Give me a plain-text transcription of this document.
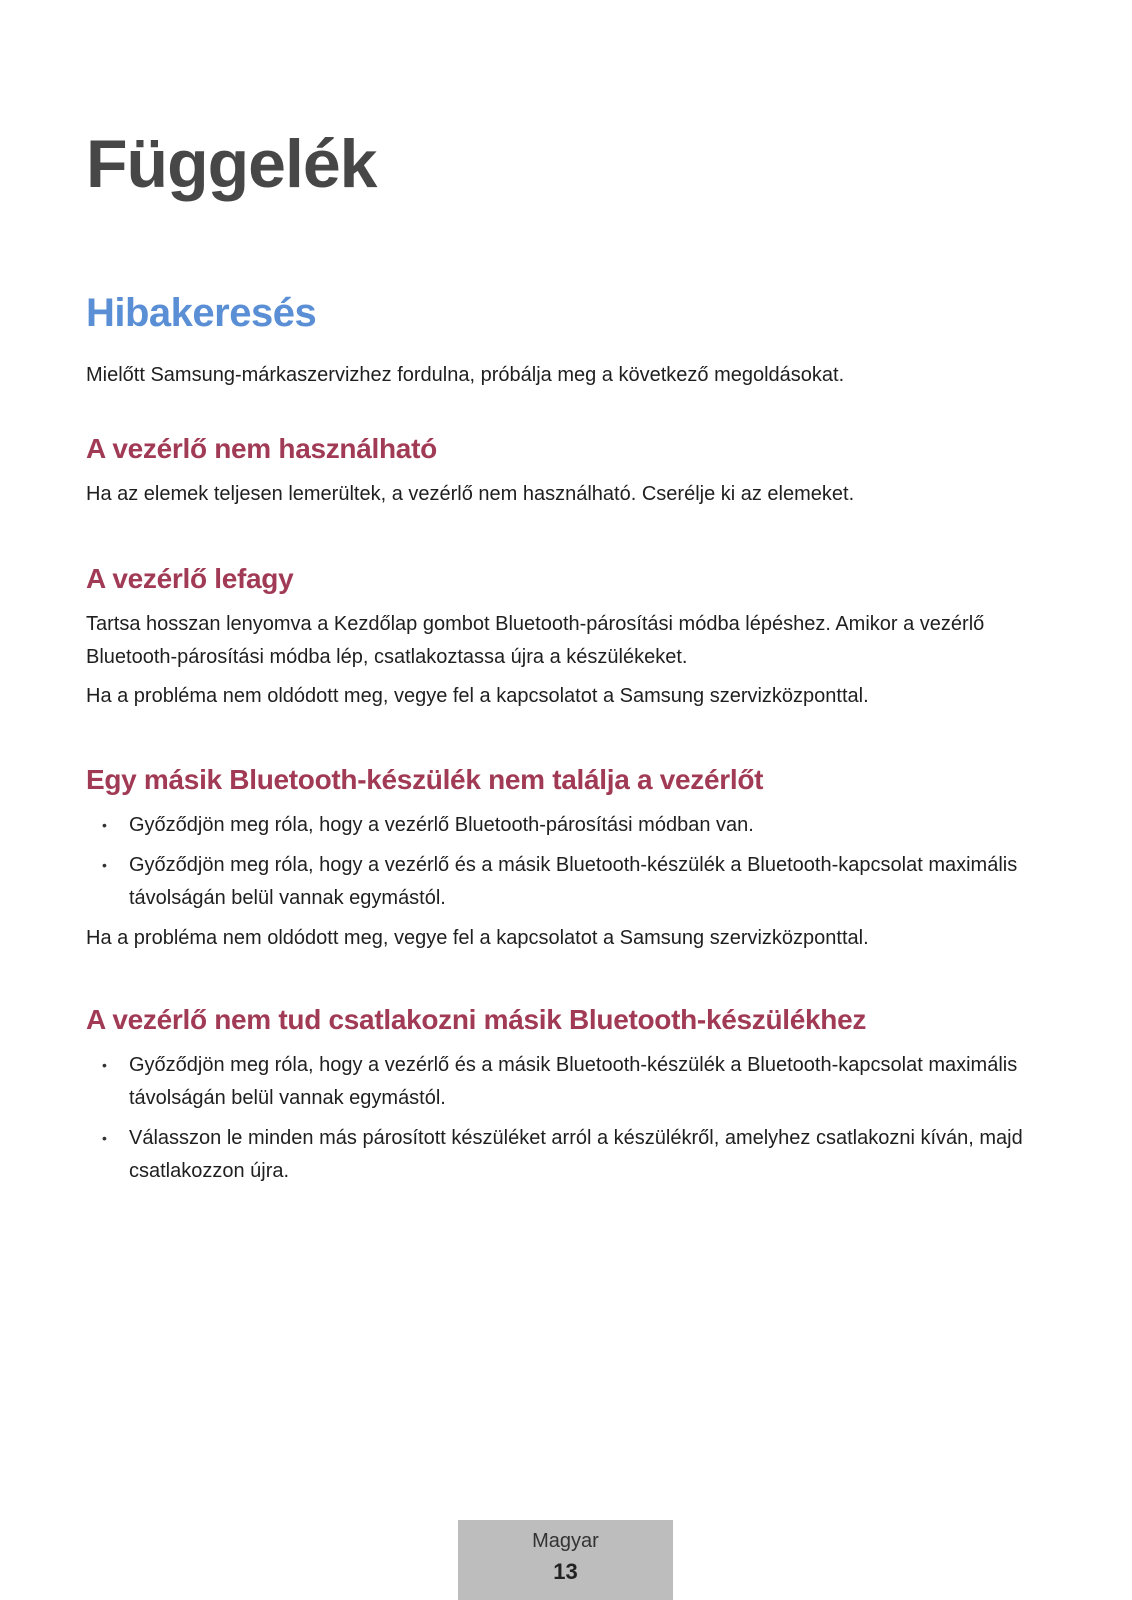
Függelék
Hibakeresés

Mielőtt Samsung-márkaszervizhez fordulna, próbálja meg a következő megoldásokat.

A vezérlő nem használható

Ha az elemek teljesen lemerültek, a vezérlő nem használható. Cserélje ki az elemeket.

A vezérlő lefagy

Tartsa hosszan lenyomva a Kezdőlap gombot Bluetooth-párosítási módba lépéshez. Amikor a vezérlő Bluetooth-párosítási módba lép, csatlakoztassa újra a készülékeket.

Ha a probléma nem oldódott meg, vegye fel a kapcsolatot a Samsung szervizközponttal.

Egy másik Bluetooth-készülék nem találja a vezérlőt
• Győződjön meg róla, hogy a vezérlő Bluetooth-párosítási módban van.
• Győződjön meg róla, hogy a vezérlő és a másik Bluetooth-készülék a Bluetooth-kapcsolat maximális távolságán belül vannak egymástól.

Ha a probléma nem oldódott meg, vegye fel a kapcsolatot a Samsung szervizközponttal.

A vezérlő nem tud csatlakozni másik Bluetooth-készülékhez
• Győződjön meg róla, hogy a vezérlő és a másik Bluetooth-készülék a Bluetooth-kapcsolat maximális távolságán belül vannak egymástól.
• Válasszon le minden más párosított készüléket arról a készülékről, amelyhez csatlakozni kíván, majd csatlakozzon újra.
Magyar
13
